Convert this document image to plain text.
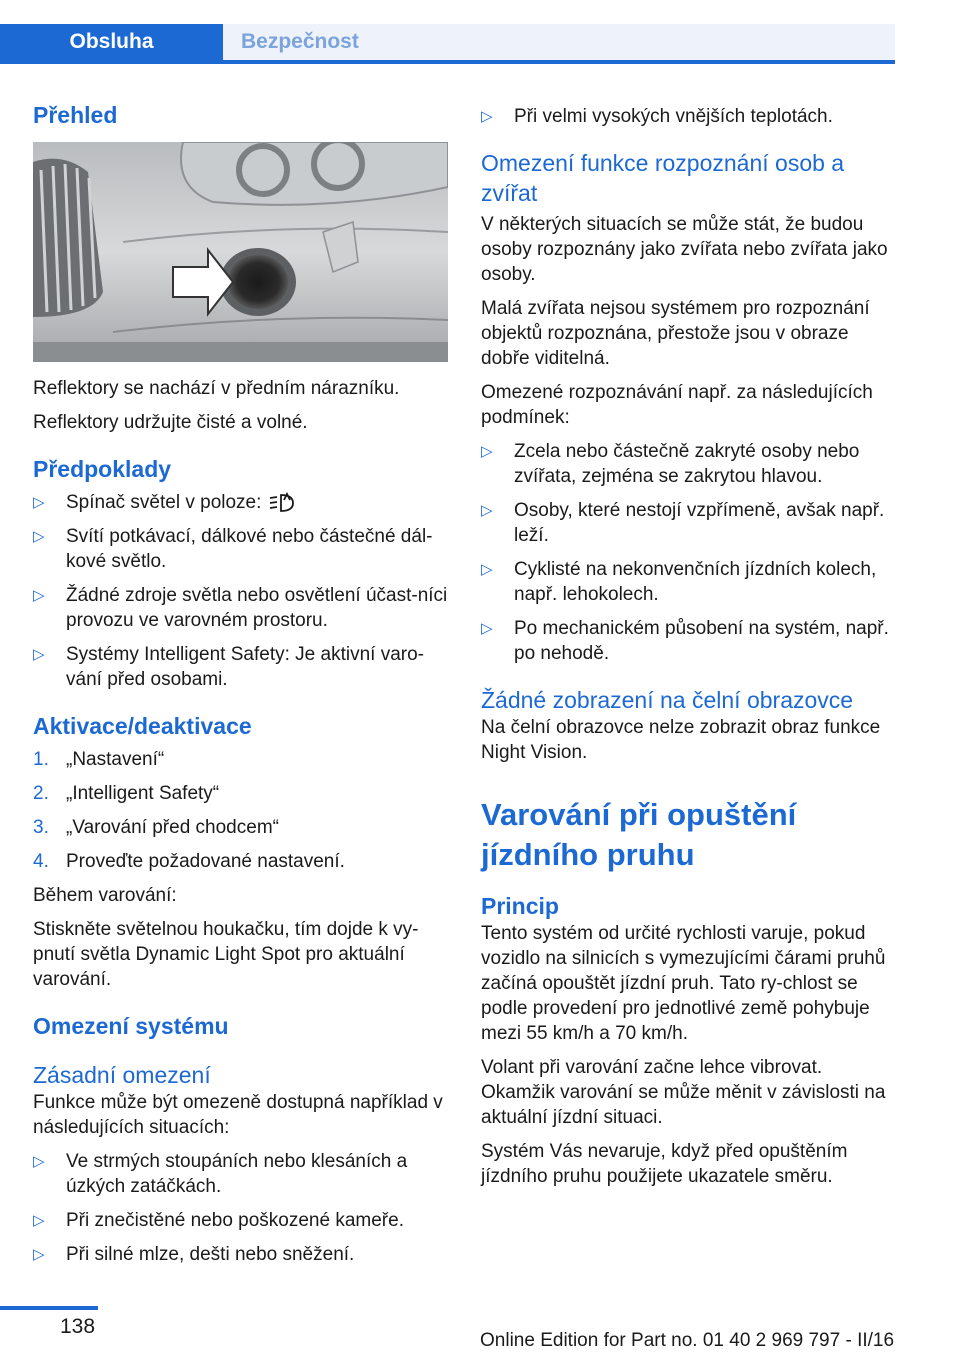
Obsluha	Bezpečnost
Přehled

Reflektory se nachází v předním nárazníku.

Reflektory udržujte čisté a volné.

Předpoklady
▷ Spínač světel v poloze:
▷ Svítí potkávací, dálkové nebo částečné dál-kové světlo.
▷ Žádné zdroje světla nebo osvětlení účast-níci provozu ve varovném prostoru.
▷ Systémy Intelligent Safety: Je aktivní varo-vání před osobami.
Aktivace/deaktivace
1. „Nastavení“
2. „Intelligent Safety“
3. „Varování před chodcem“
4. Proveďte požadované nastavení.

Během varování:

Stiskněte světelnou houkačku, tím dojde k vy-pnutí světla Dynamic Light Spot pro aktuální varování.

Omezení systému
Zásadní omezení

Funkce může být omezeně dostupná například v následujících situacích:

▷ Ve strmých stoupáních nebo klesáních a úzkých zatáčkách.
▷ Při znečistěné nebo poškozené kameře.
▷ Při silné mlze, dešti nebo sněžení.
▷ Při velmi vysokých vnějších teplotách.
Omezení funkce rozpoznání osob a zvířat

V některých situacích se může stát, že budou osoby rozpoznány jako zvířata nebo zvířata jako osoby.

Malá zvířata nejsou systémem pro rozpoznání objektů rozpoznána, přestože jsou v obraze dobře viditelná.

Omezené rozpoznávání např. za následujících podmínek:

▷ Zcela nebo částečně zakryté osoby nebo zvířata, zejména se zakrytou hlavou.
▷ Osoby, které nestojí vzpřímeně, avšak např. leží.
▷ Cyklisté na nekonvenčních jízdních kolech, např. lehokolech.
▷ Po mechanickém působení na systém, např. po nehodě.
Žádné zobrazení na čelní obrazovce

Na čelní obrazovce nelze zobrazit obraz funkce Night Vision.

Varování při opuštění
jízdního pruhu
Princip

Tento systém od určité rychlosti varuje, pokud vozidlo na silnicích s vymezujícími čárami pruhů začíná opouštět jízdní pruh. Tato ry-chlost se podle provedení pro jednotlivé země pohybuje mezi 55 km/h a 70 km/h.

Volant při varování začne lehce vibrovat. Okamžik varování se může měnit v závislosti na aktuální jízdní situaci.

Systém Vás nevaruje, když před opuštěním jízdního pruhu použijete ukazatele směru.

138
Online Edition for Part no. 01 40 2 969 797 - II/16
